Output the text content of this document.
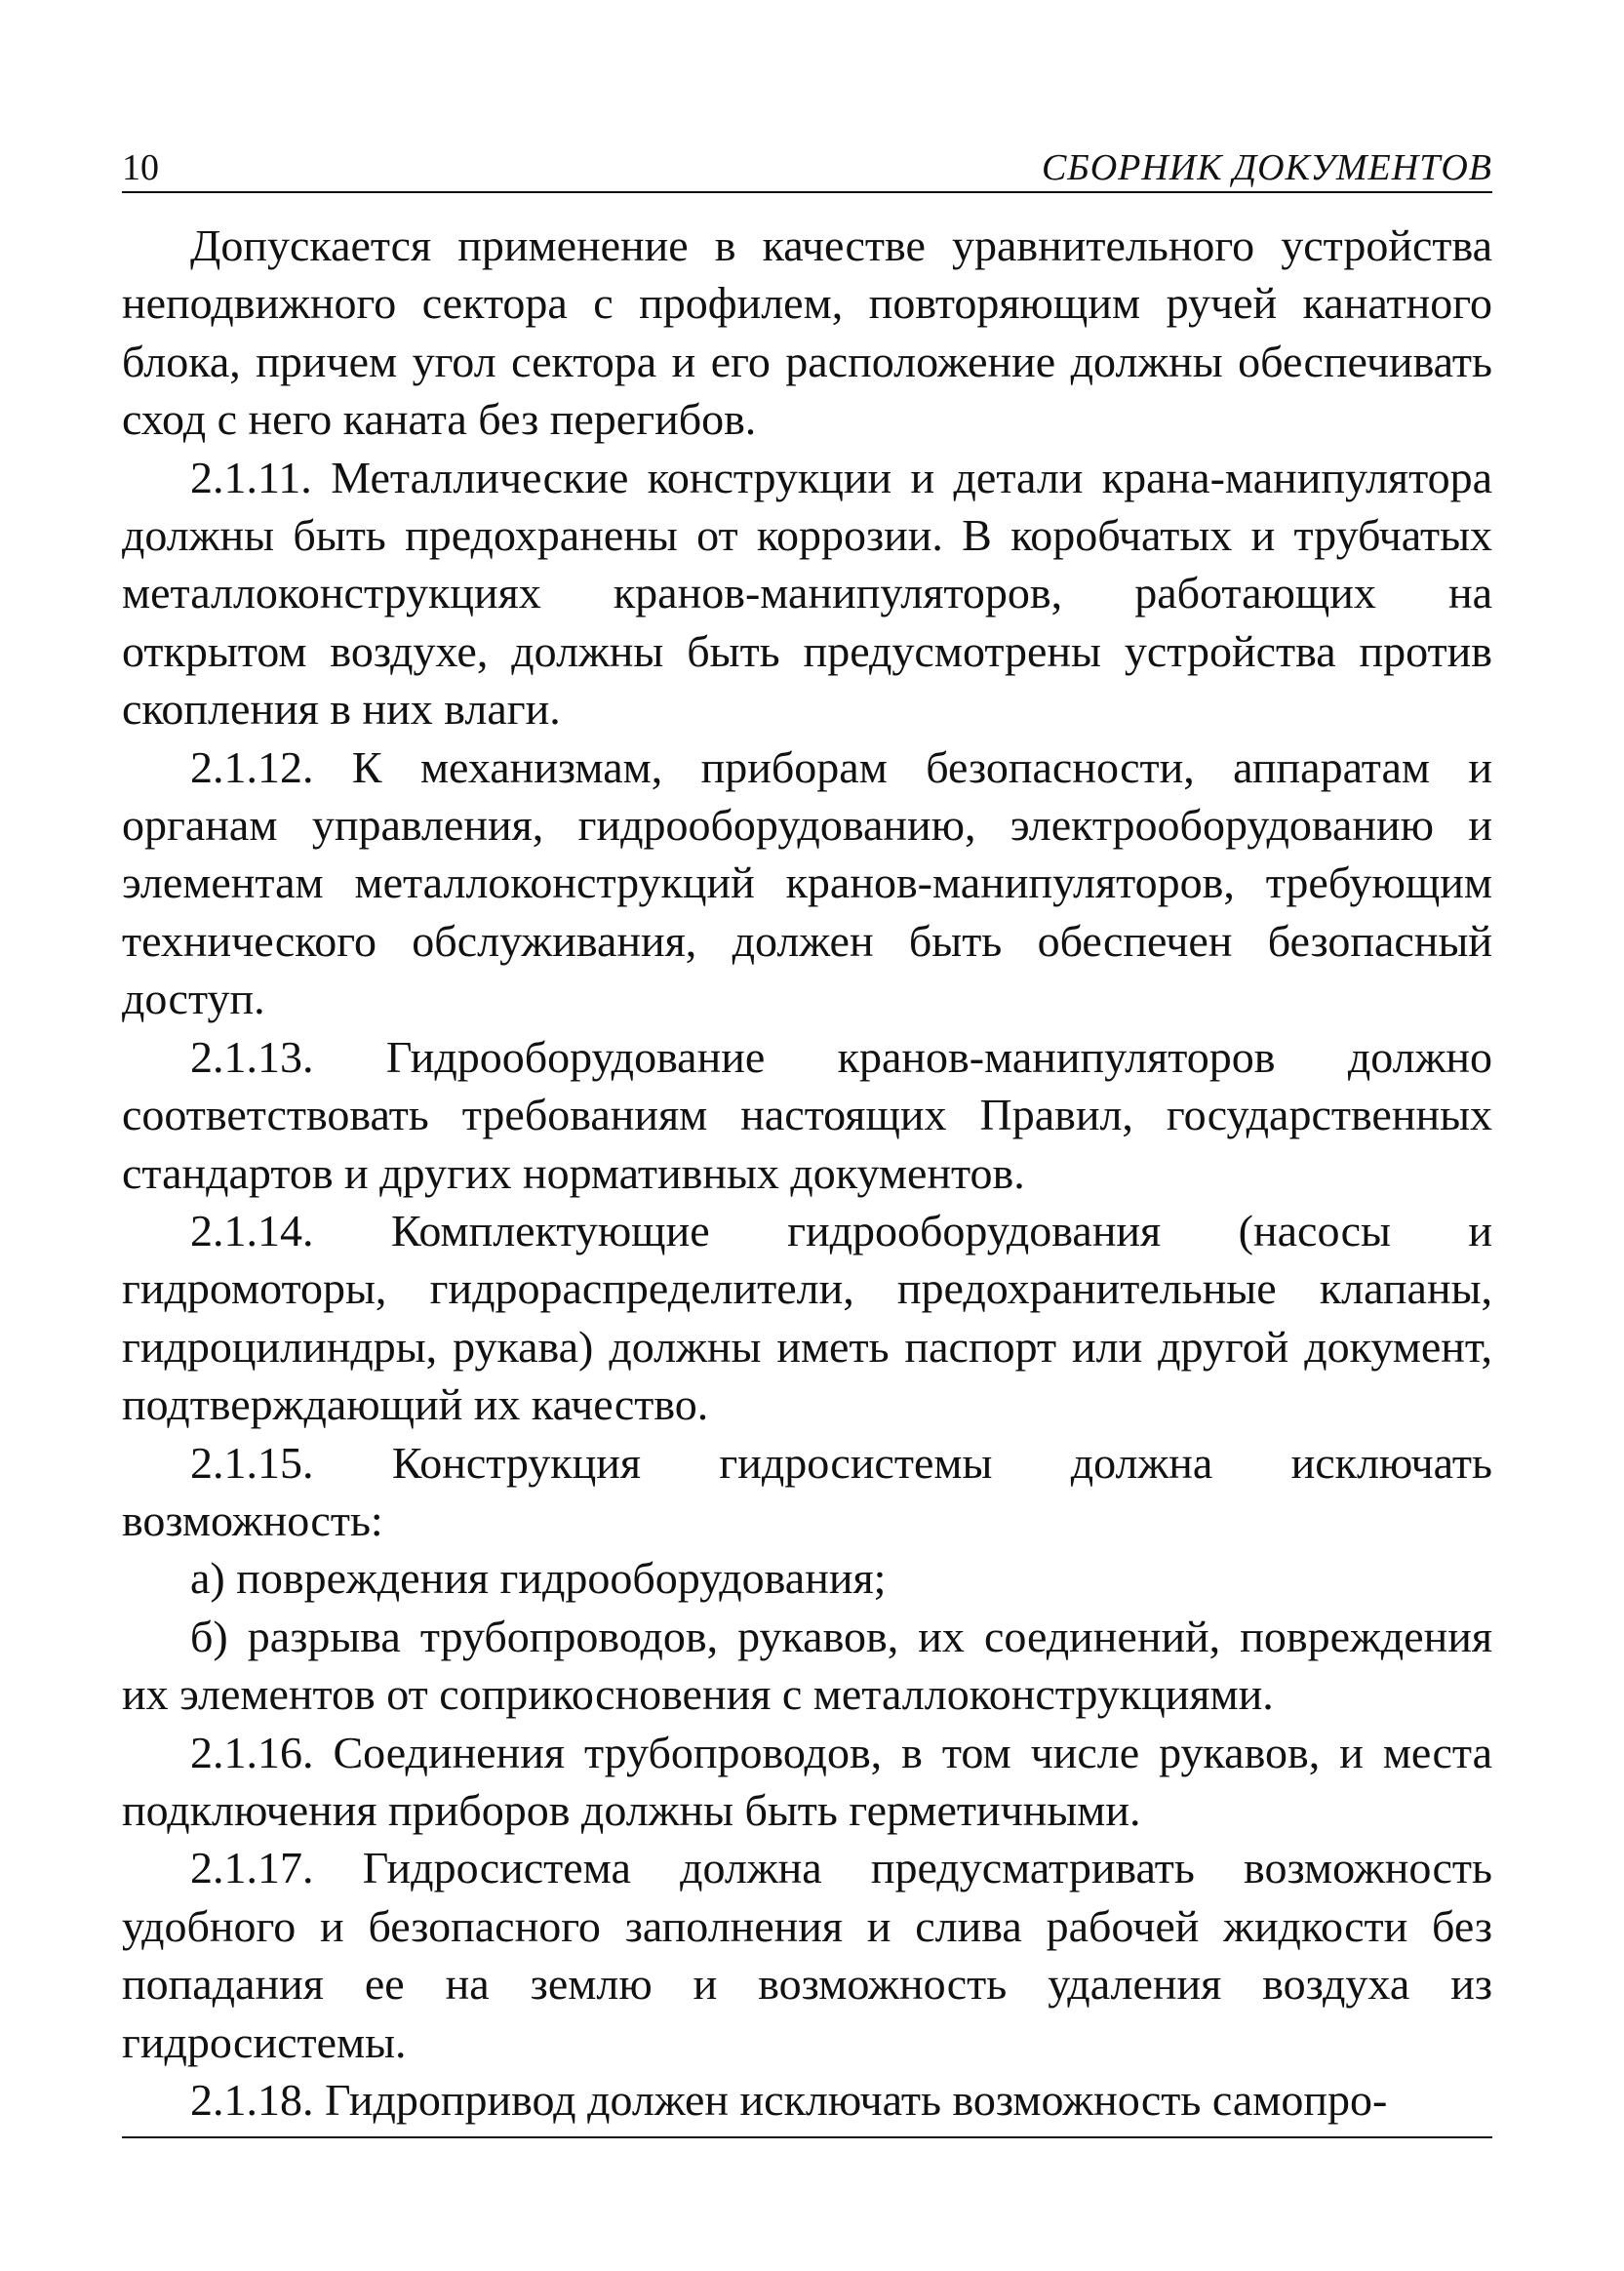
10	СБОРНИК ДОКУМЕНТОВ

Допускается применение в качестве уравнительного устройства неподвижного сектора с профилем, повторяющим ручей канатного блока, причем угол сектора и его расположение должны обеспечивать сход с него каната без перегибов.

2.1.11. Металлические конструкции и детали крана-манипулятора должны быть предохранены от коррозии. В коробчатых и трубчатых металлоконструкциях кранов-манипуляторов, работающих на открытом воздухе, должны быть предусмотрены устройства против скопления в них влаги.

2.1.12. К механизмам, приборам безопасности, аппаратам и органам управления, гидрооборудованию, электрооборудованию и элементам металлоконструкций кранов-манипуляторов, требующим технического обслуживания, должен быть обеспечен безопасный доступ.

2.1.13. Гидрооборудование кранов-манипуляторов должно соответствовать требованиям настоящих Правил, государственных стандартов и других нормативных документов.

2.1.14. Комплектующие гидрооборудования (насосы и гидромоторы, гидрораспределители, предохранительные клапаны, гидроцилиндры, рукава) должны иметь паспорт или другой документ, подтверждающий их качество.

2.1.15. Конструкция гидросистемы должна исключать возможность:

а) повреждения гидрооборудования;

б) разрыва трубопроводов, рукавов, их соединений, повреждения их элементов от соприкосновения с металлоконструкциями.

2.1.16. Соединения трубопроводов, в том числе рукавов, и места подключения приборов должны быть герметичными.

2.1.17. Гидросистема должна предусматривать возможность удобного и безопасного заполнения и слива рабочей жидкости без попадания ее на землю и возможность удаления воздуха из гидросистемы.

2.1.18. Гидропривод должен исключать возможность самопро-
